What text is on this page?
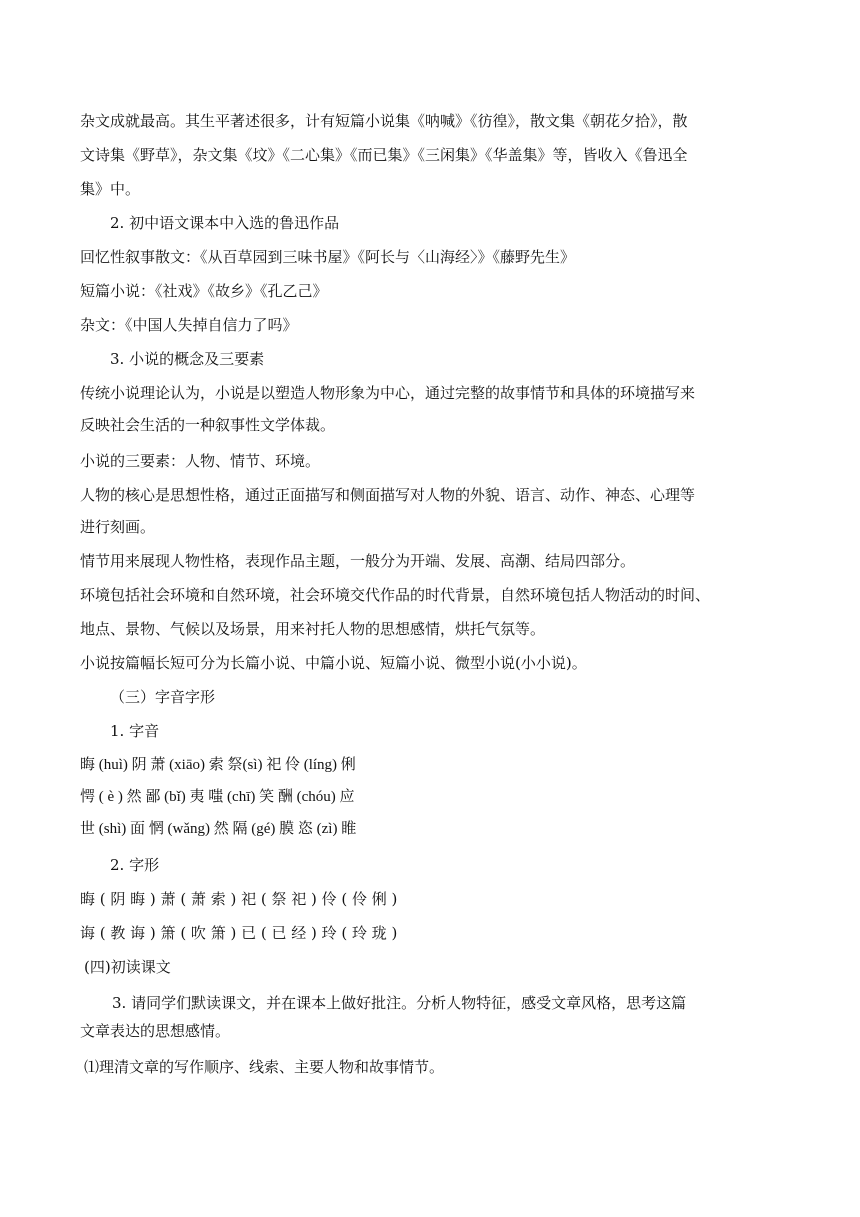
杂文成就最高。其生平著述很多，计有短篇小说集《呐喊》《彷徨》，散文集《朝花夕拾》，散
文诗集《野草》，杂文集《坟》《二心集》《而已集》《三闲集》《华盖集》等，皆收入《鲁迅全
集》中。
2. 初中语文课本中入选的鲁迅作品
回忆性叙事散文：《从百草园到三味书屋》《阿长与〈山海经〉》《藤野先生》
短篇小说：《社戏》《故乡》《孔乙己》
杂文：《中国人失掉自信力了吗》
3. 小说的概念及三要素
传统小说理论认为，小说是以塑造人物形象为中心，通过完整的故事情节和具体的环境描写来
反映社会生活的一种叙事性文学体裁。
小说的三要素：人物、情节、环境。
人物的核心是思想性格，通过正面描写和侧面描写对人物的外貌、语言、动作、神态、心理等
进行刻画。
情节用来展现人物性格，表现作品主题，一般分为开端、发展、高潮、结局四部分。
环境包括社会环境和自然环境，社会环境交代作品的时代背景，自然环境包括人物活动的时间、
地点、景物、气候以及场景，用来衬托人物的思想感情，烘托气氛等。
小说按篇幅长短可分为长篇小说、中篇小说、短篇小说、微型小说(小小说)。
（三）字音字形
1. 字音
晦 (huì) 阴 萧 (xiāo) 索 祭(sì) 祀 伶 (líng) 俐
愕 ( è ) 然 鄙 (bǐ) 夷 嗤 (chī) 笑 酬 (chóu) 应
世 (shì) 面 惘 (wǎng) 然 隔 (gé) 膜 恣 (zì) 睢
2. 字形
晦 ( 阴 晦 ) 萧 ( 萧 索 ) 祀 ( 祭 祀 ) 伶 ( 伶 俐 )
诲 ( 教 诲 ) 箫 ( 吹 箫 ) 已 ( 已 经 ) 玲 ( 玲 珑 )
(四)初读课文
3. 请同学们默读课文，并在课本上做好批注。分析人物特征，感受文章风格，思考这篇
文章表达的思想感情。
⑴理清文章的写作顺序、线索、主要人物和故事情节。
